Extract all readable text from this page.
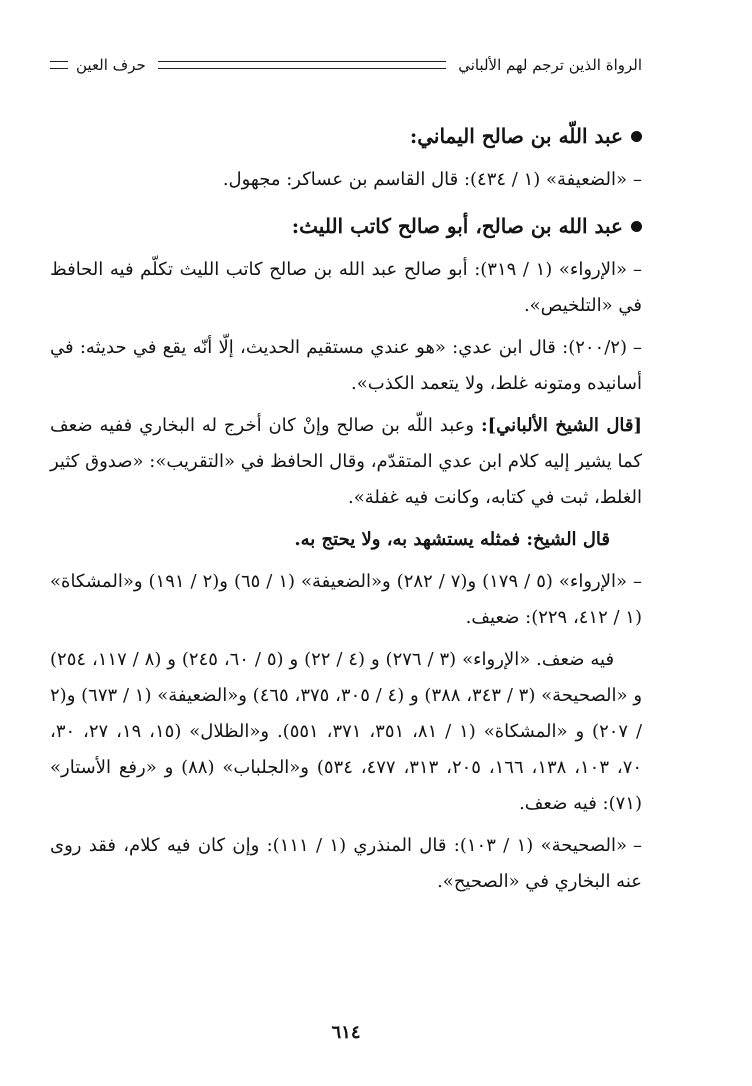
الرواة الذين ترجم لهم الألباني
حرف العين
عبد اللّه بن صالح اليماني:

–«الضعيفة» (١ / ٤٣٤): قال القاسم بن عساكر: مجهول.

عبد الله بن صالح، أبو صالح كاتب الليث:

–«الإرواء» (١ / ٣١٩): أبو صالح عبد الله بن صالح كاتب الليث تكلّم فيه الحافظ في «التلخيص».

–(٢٠٠/٢): قال ابن عدي: «هو عندي مستقيم الحديث، إلّا أنّه يقع في حديثه: في أسانيده ومتونه غلط، ولا يتعمد الكذب».

[قال الشيخ الألباني]: وعبد اللّه بن صالح وإنْ كان أخرج له البخاري ففيه ضعف كما يشير إليه كلام ابن عدي المتقدّم، وقال الحافظ في «التقريب»: «صدوق كثير الغلط، ثبت في كتابه، وكانت فيه غفلة».

قال الشيخ: فمثله يستشهد به، ولا يحتج به.

–«الإرواء» (٥ / ١٧٩) و(٧ / ٢٨٢) و«الضعيفة» (١ / ٦٥) و(٢ / ١٩١) و«المشكاة» (١ / ٤١٢، ٢٢٩): ضعيف.

فيه ضعف. «الإرواء» (٣ / ٢٧٦) و (٤ / ٢٢) و (٥ / ٦٠، ٢٤٥) و (٨ / ١١٧، ٢٥٤) و «الصحيحة» (٣ / ٣٤٣، ٣٨٨) و (٤ / ٣٠٥، ٣٧٥، ٤٦٥) و«الضعيفة» (١ / ٦٧٣) و(٢ / ٢٠٧) و «المشكاة» (١ / ٨١، ٣٥١، ٣٧١، ٥٥١). و«الظلال» (١٥، ١٩، ٢٧، ٣٠، ٧٠، ١٠٣، ١٣٨، ١٦٦، ٢٠٥، ٣١٣، ٤٧٧، ٥٣٤) و«الجلباب» (٨٨) و «رفع الأستار» (٧١): فيه ضعف.

–«الصحيحة» (١ / ١٠٣): قال المنذري (١ / ١١١): وإن كان فيه كلام، فقد روى عنه البخاري في «الصحيح».

٦١٤
